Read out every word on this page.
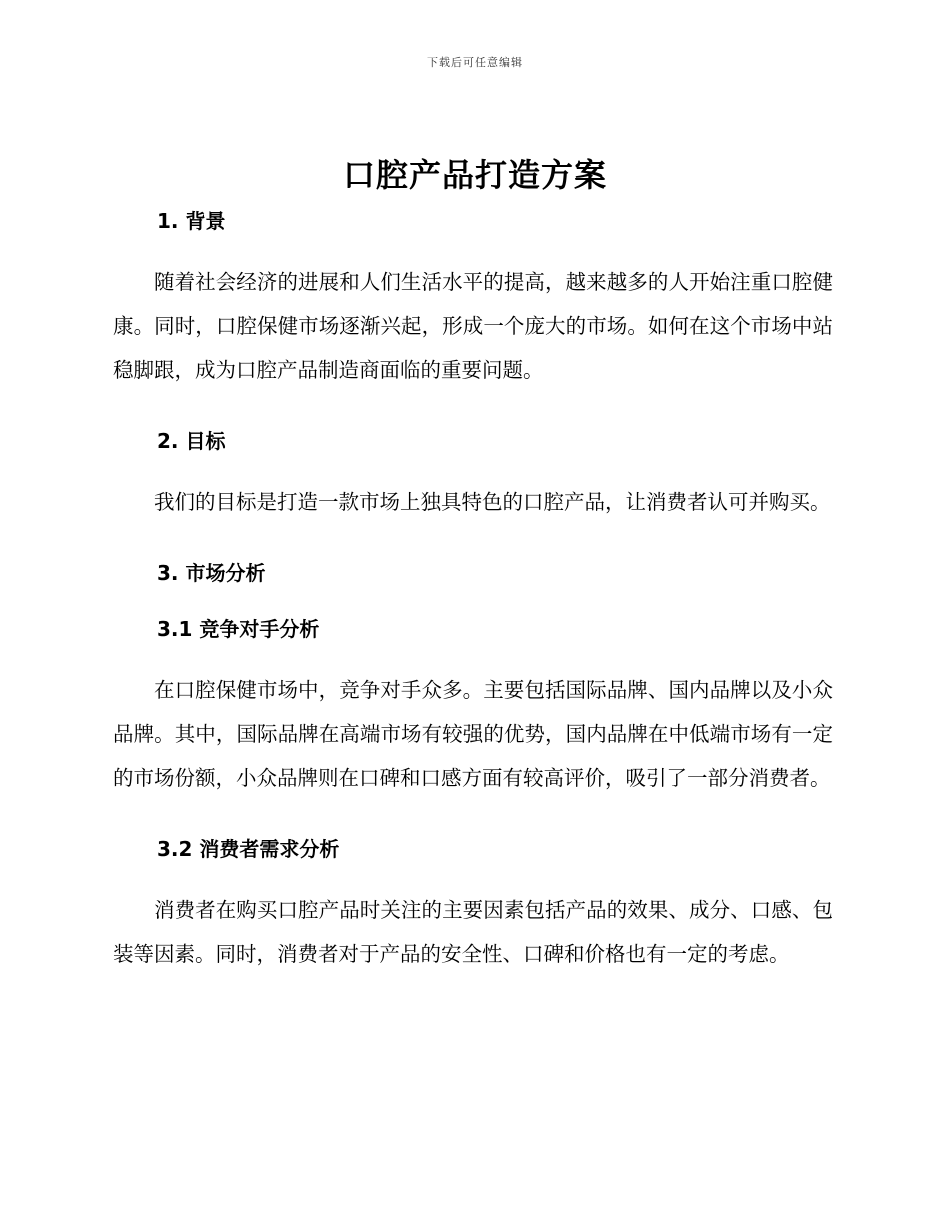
下载后可任意编辑
口腔产品打造方案
1. 背景

随着社会经济的进展和人们生活水平的提高，越来越多的人开始注重口腔健康。同时，口腔保健市场逐渐兴起，形成一个庞大的市场。如何在这个市场中站稳脚跟，成为口腔产品制造商面临的重要问题。

2. 目标

我们的目标是打造一款市场上独具特色的口腔产品，让消费者认可并购买。

3. 市场分析
3.1 竞争对手分析

在口腔保健市场中，竞争对手众多。主要包括国际品牌、国内品牌以及小众品牌。其中，国际品牌在高端市场有较强的优势，国内品牌在中低端市场有一定的市场份额，小众品牌则在口碑和口感方面有较高评价，吸引了一部分消费者。

3.2 消费者需求分析

消费者在购买口腔产品时关注的主要因素包括产品的效果、成分、口感、包装等因素。同时，消费者对于产品的安全性、口碑和价格也有一定的考虑。
